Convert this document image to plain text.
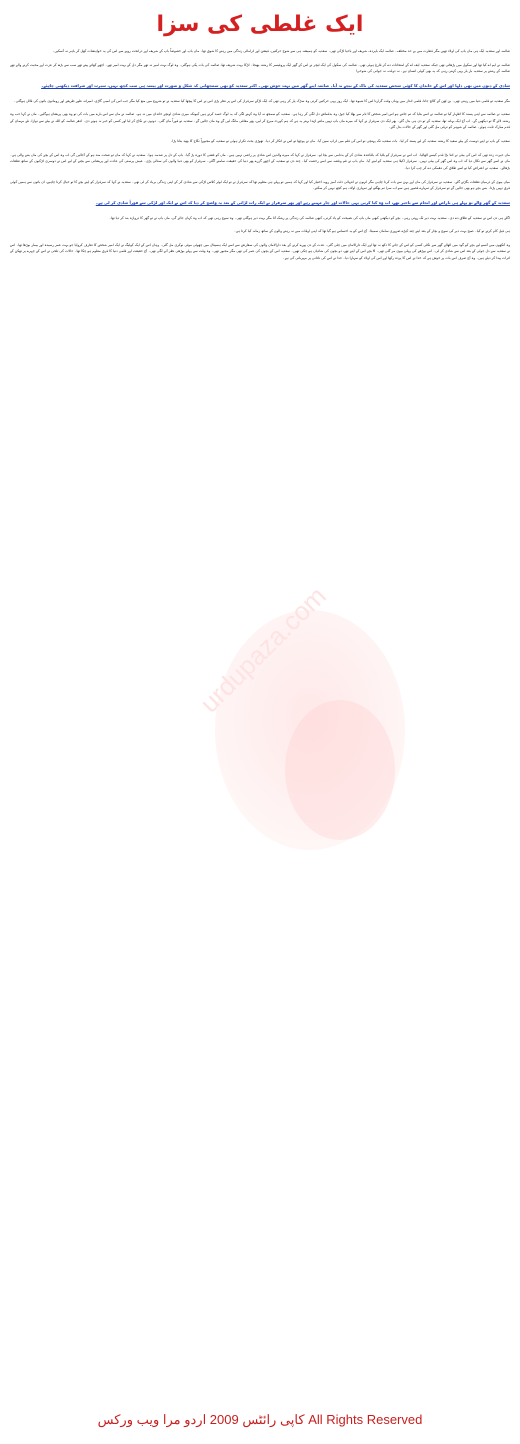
ایک غلطی کی سزا

صائمہ اور سعدیہ ایک ہی ماں باپ کی اولاد تھیں مگر فطرت میں بے حد مختلف۔ صائمہ ایک باپردہ، شریف اور باحیا لڑکی تھی۔ سعدیہ کو ہمیشہ ہی سے شوخ حرکتیں، فیشن اور ڈرامائی زندگی میں رہنے کا شوق تھا۔ ماں باپ اور خصوصاً باپ کے شریف اور درانحت رویے سے اس کی یہ خواہشات کھل کر باہر نہ آسکیں۔

صائمہ نے ایم اے کیا تھا اور سکول میں پڑھاتی تھی جبکہ سعدیہ ایف اے کے امتحانات دے کر فارغ ہوئی تھی۔ صائمہ کی سکول کی ایک ٹیچر نے اس کے گھر ایک پروفیسر کا رشتہ بھیجا۔ لڑکا بہت شریف تھا، صائمہ کی بات پکی ہوگئی۔ وہ لوگ بہت امیر نہ تھے مگر دل کے بہت امیر تھے۔ اچھے کھاتے پیتے تھے سب سے بڑھ کر عزت اور محبت کرنے والے تھے صائمہ کے رشتے پر سعدیہ بار بار یہی کہتی رہی کہ یہ بھی کوئی انسان ہے۔ نہ دولت، نہ جوانی کی شوخی!

شادی کے دنوں میں بھی دلہا اور اس کے خاندان کا کوئی شخص سعدیہ کی ناک کے نیچے نہ آیا۔ صائمہ اپنے گھر میں بہت خوش تھی۔ اکثر سعدیہ کو بھی سمجھاتی کہ شکل و صورت اور پیسہ ہی سب کچھ نہیں، سیرت اور شرافت دیکھنی چاہئے۔

مگر سعدیہ تو فلمی دنیا میں رہتی تھی۔ بن ٹھن کے کالج جانا، فلمی انداز میں وہاں وقت گزارنا اس کا شیوہ تھا۔ ایک روز یہی حرکتیں کرتی وہ سڑک پار کر رہی تھی کہ ایک لڑکے سرفراز کی اس پر نظر پڑی اس نے اس کا پیچھا کیا سعدیہ نے تو شروع میں منع کیا مگر جب اس کی لمبی گاڑی، امیرانہ طور طریقے اور رومانوی باتوں کی قائل ہوگئی۔

سعدیہ نے صائمہ سے اپنی پسند کا اظہار کیا تو صائمہ نے اسے بتایا کہ تم جانتے ہو اس امیر شخص کا نام سے بھلا کیا جوڑ، وہ بدقماش دل لگی کر رہا ہے۔ سعدیہ کو سمجھ نہ آیا وہ کہنے لگی کہ یہ لوگ حسد کرتے ہیں کیونکہ میری شادی اونچے خاندان میں نہ ہو۔ صائمہ نے ماں سے اس بارے میں بات کی تو وہ بھی پریشان ہوگئیں۔ ماں نے کہا جب وہ رشتہ لائے گا تو دیکھیں گے۔ اب آج ایک بہانہ تھا، سعدیہ کے تو دن ہی بدل گئے۔ پھر ایک دن سرفراز نے کہا کہ میرے ماں باپ نہیں مانتے لہٰذا بہتر یہ ہے کہ ہم کورٹ میرج کر لیں، پھر معافی مانگ لیں گے وہ مان جائیں گے۔ سعدیہ تو فوراً مان گئی۔ دونوں نے نکاح کر لیا اور کسی کو خبر نہ ہونے دی۔ ادھر صائمہ کو اللہ نے بیٹے سے نوازا، نئے مہمان کے قدم مبارک ثابت ہوئے۔ صائمہ کے شوہر کو ترقی مل گئی اور گھر کے حالات بدل گئے۔

سعدیہ کے باپ نے اپنے دوست کے بیٹے سعید کا رشتہ سعدیہ کے لیے پسند کر لیا۔ بات سعدیہ تک پہنچی تو اس کی فلم میں ڈراپ سین آیا۔ ماں نے پوچھا تو اس نے انکار کر دیا۔ تھوڑی بحث تکرار ہوئی تو سعدیہ کو مجبوراً نکاح کا بھید بتانا پڑا۔

ماں حیرت زدہ تھی کہ اس کی بیٹی نے اتنا بڑا قدم کیسے اٹھالیا۔ اب اس نے سرفراز کو بلایا کہ باقاعدہ شادی کر کے بدنامی سے بچا لو۔ سرفراز نے کہا کہ میرے والدین اس شادی پر راضی نہیں ہیں۔ ماں کو غشی کا دورہ پڑ گیا۔ باپ کے دل پر صدمہ ہوا۔ سعدیہ نے کہا کہ ماں تو صحت مند ہو کے آجائیں گی اب وہ اس کے بچے کی ماں بننے والی ہے۔ ماں نے اسے گھر سے نکال دیا کہ اب وہ اس گھر کی بیٹی نہیں۔ سرفراز اکیلا ہی سعدیہ کو لینے آیا۔ ماں باپ نے غم وغصہ سے اسے رخصت کیا۔ چند دن تو سعدیہ کے اچھے گزرے پھر دنیا کی حقیقت سامنے آگئی۔ سرفراز کو بھی دنیا والوں کی سنائی پڑی۔ عیش پرستی کی عادت اور پریشانی سے بچنے کے لیے اس نے دوسری لڑکیوں کے ساتھ تعلقات بڑھائے۔ سعدیہ نے اعتراض کیا تو اسے طلاق کی دھمکی دے کر چپ کرا دیا۔

میاں بیوی کے درمیان تعلقات بگڑتے گئے۔ سعدیہ نے سرفراز کی ماں اور بہن سے بات کرنا چاہی مگر انہوں نے انتہائی ذلت آمیز رویہ اختیار کیا اور کہا کہ ہمیں تو پہلے ہی معلوم تھا کہ سرفراز نے تو ایک لوئر کلاس لڑکی سے شادی کر کے اپنی زندگی برباد کر لی تھی۔ سعدیہ نے کہا کہ سرفراز کو اپنے بچے کا تو خیال کرنا چاہیے، ان باتوں سے ہمیں کوئی فرق نہیں پڑتا۔ بس بچے ہو بھی جائیں گے تو سرفراز کے تمہارے قصور ہیں سو اب سزا تم بھگتو اور تمہاری اولاد، ہم کچھ نہیں کر سکتے۔

سعدیہ کے گھر والے تو پہلے ہی ناراض اور انجام سے باخبر تھے، اب وہ کیا کرتی یہی حالات اور چار مہینے رہے اور پھر سرفراز نے ایک رات لڑائی کے بعد یہ واضح کر دیا کہ اس نے ایک اور لڑکی سے فوراً شادی کر لی ہے۔

اگلے ہی دن اس نے سعدیہ کو طلاق دے دی۔ سعدیہ بہت دیر تک روتی رہی۔ بچے کو دیکھتی کبھی ماں باپ کی نصیحت کو یاد کرتی، کبھی صائمہ کی زندگی پر رشک آتا مگر بہت دیر ہوگئی تھی۔ وہ سوچ رہی تھی کہ اب وہ کہاں جائے گی، ماں باپ نے تو گھر کا دروازہ بند کر دیا تھا۔

ہی فیل کام کرتے تو کیا۔ صبح بہت دیر کی سوچ و بچار کے بعد اپنے چند کپڑے ضروری سامان سمیٹا۔ آج اس کو یہ احساس ہو گیا تھا کہ اپنی اوقات میں نہ رہنے والوں کے ساتھ زمانہ کیا کرتا ہے۔

وہ آنکھوں میں آنسو لیے بچے کو گود میں اٹھائے گھر سے نکلی کسی کو اس کے جانے کا دکھ نہ تھا اور ایک دارالامان میں چلی گئی۔ عدت کے دن پورے کرنے کے بعد دارالامان والوں کی سفارش سے اسے ایک ہسپتال میں چھوٹی موٹی نوکری مل گئی۔ وہاں اس کے ایک کولیگ نے ایک امیر شخص کا تعارف کروایا جو بہت عمر رسیدہ اور بیمار بوڑھا تھا۔ اس نے سعدیہ سے دل جوئی کے بعد اس سے شادی کر لی۔ اس بوڑھے کی پہلی بیوی مر گئی تھی۔ 6 بچے اس کے اپنے تھے، دو بچوں کی شادیاں ہو چکی تھیں۔ سعدیہ اس کے بچوں کی عمر کی تھی مگر مجبور تھی۔ وہ وقت سے پہلے بوڑھی نظر آنے لگی تھی۔ آج حقیقت اور فلمی دنیا کا فرق معلوم ہو چکا تھا۔ حالات کی تلخی نے اس کے چہرے پر تھکن کے اثرات پیدا کر دیئے ہیں۔ وہ آج صرف اس بات پر خوش ہے کہ خدا نے اس کا پردہ رکھا اور اس کی اولاد کو سہارا دیا۔ خدا نے اس کی نادانی پر مہربانی کی ہے۔

urdupaza.com
کاپی رائٹس 2009 اردو مرا ویب ورکس All Rights Reserved
